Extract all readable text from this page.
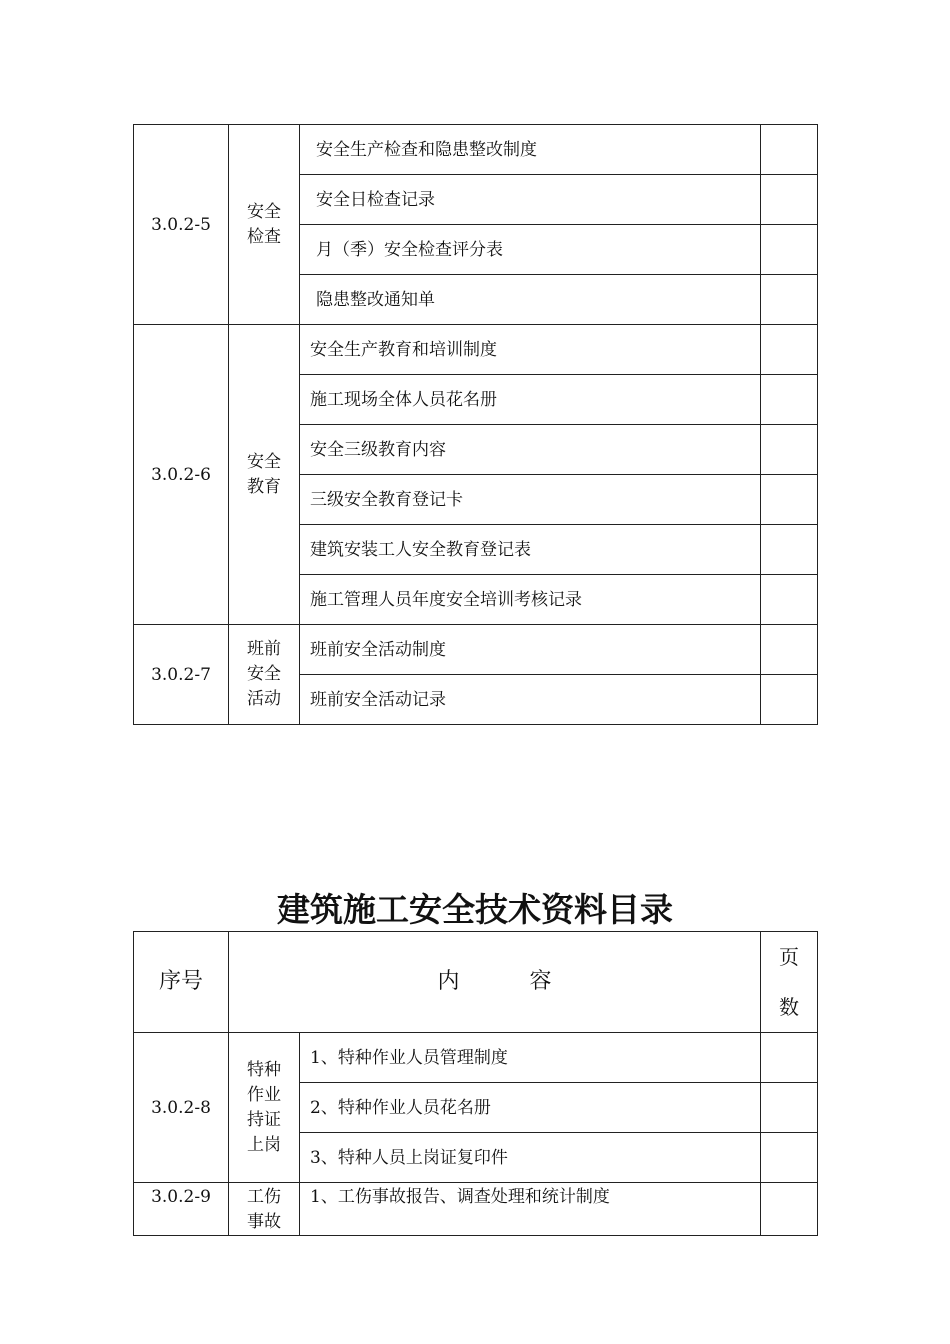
3.0.2-5	安全检查	安全生产检查和隐患整改制度	
		安全日检查记录	
		月（季）安全检查评分表	
		隐患整改通知单	
3.0.2-6	安全教育	安全生产教育和培训制度	
		施工现场全体人员花名册	
		安全三级教育内容	
		三级安全教育登记卡	
		建筑安装工人安全教育登记表	
		施工管理人员年度安全培训考核记录	
3.0.2-7	班前安全活动	班前安全活动制度	
		班前安全活动记录	
建筑施工安全技术资料目录
序号	内容		页数
3.0.2-8	特种作业持证上岗	1、特种作业人员管理制度	
		2、特种作业人员花名册	
		3、特种人员上岗证复印件	
3.0.2-9	工伤事故	1、工伤事故报告、调查处理和统计制度	
